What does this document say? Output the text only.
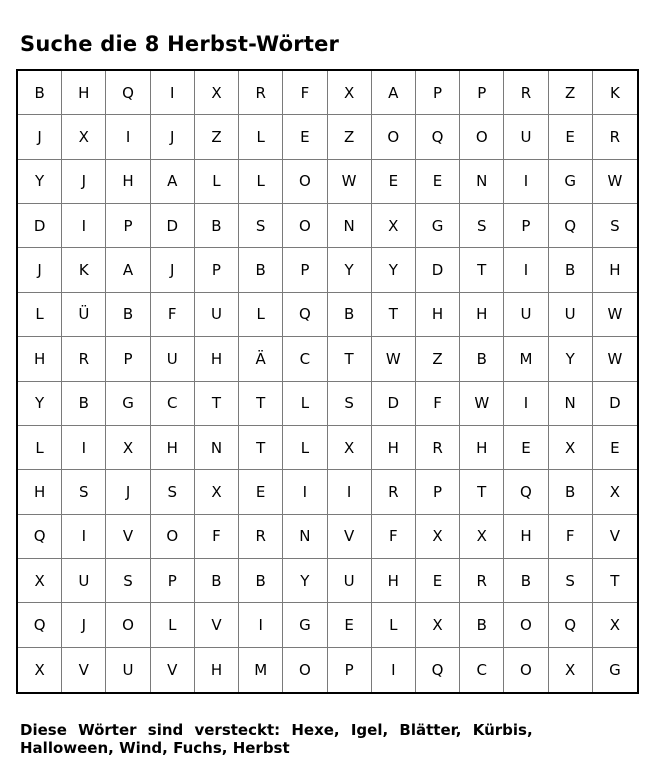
Suche die 8 Herbst-Wörter
B	H	Q	I	X	R	F	X	A	P	P	R	Z	K
J	X	I	J	Z	L	E	Z	O	Q	O	U	E	R
Y	J	H	A	L	L	O	W	E	E	N	I	G	W
D	I	P	D	B	S	O	N	X	G	S	P	Q	S
J	K	A	J	P	B	P	Y	Y	D	T	I	B	H
L	Ü	B	F	U	L	Q	B	T	H	H	U	U	W
H	R	P	U	H	Ä	C	T	W	Z	B	M	Y	W
Y	B	G	C	T	T	L	S	D	F	W	I	N	D
L	I	X	H	N	T	L	X	H	R	H	E	X	E
H	S	J	S	X	E	I	I	R	P	T	Q	B	X
Q	I	V	O	F	R	N	V	F	X	X	H	F	V
X	U	S	P	B	B	Y	U	H	E	R	B	S	T
Q	J	O	L	V	I	G	E	L	X	B	O	Q	X
X	V	U	V	H	M	O	P	I	Q	C	O	X	G
Diese Wörter sind versteckt: Hexe, Igel, Blätter, Kürbis,
Halloween, Wind, Fuchs, Herbst
